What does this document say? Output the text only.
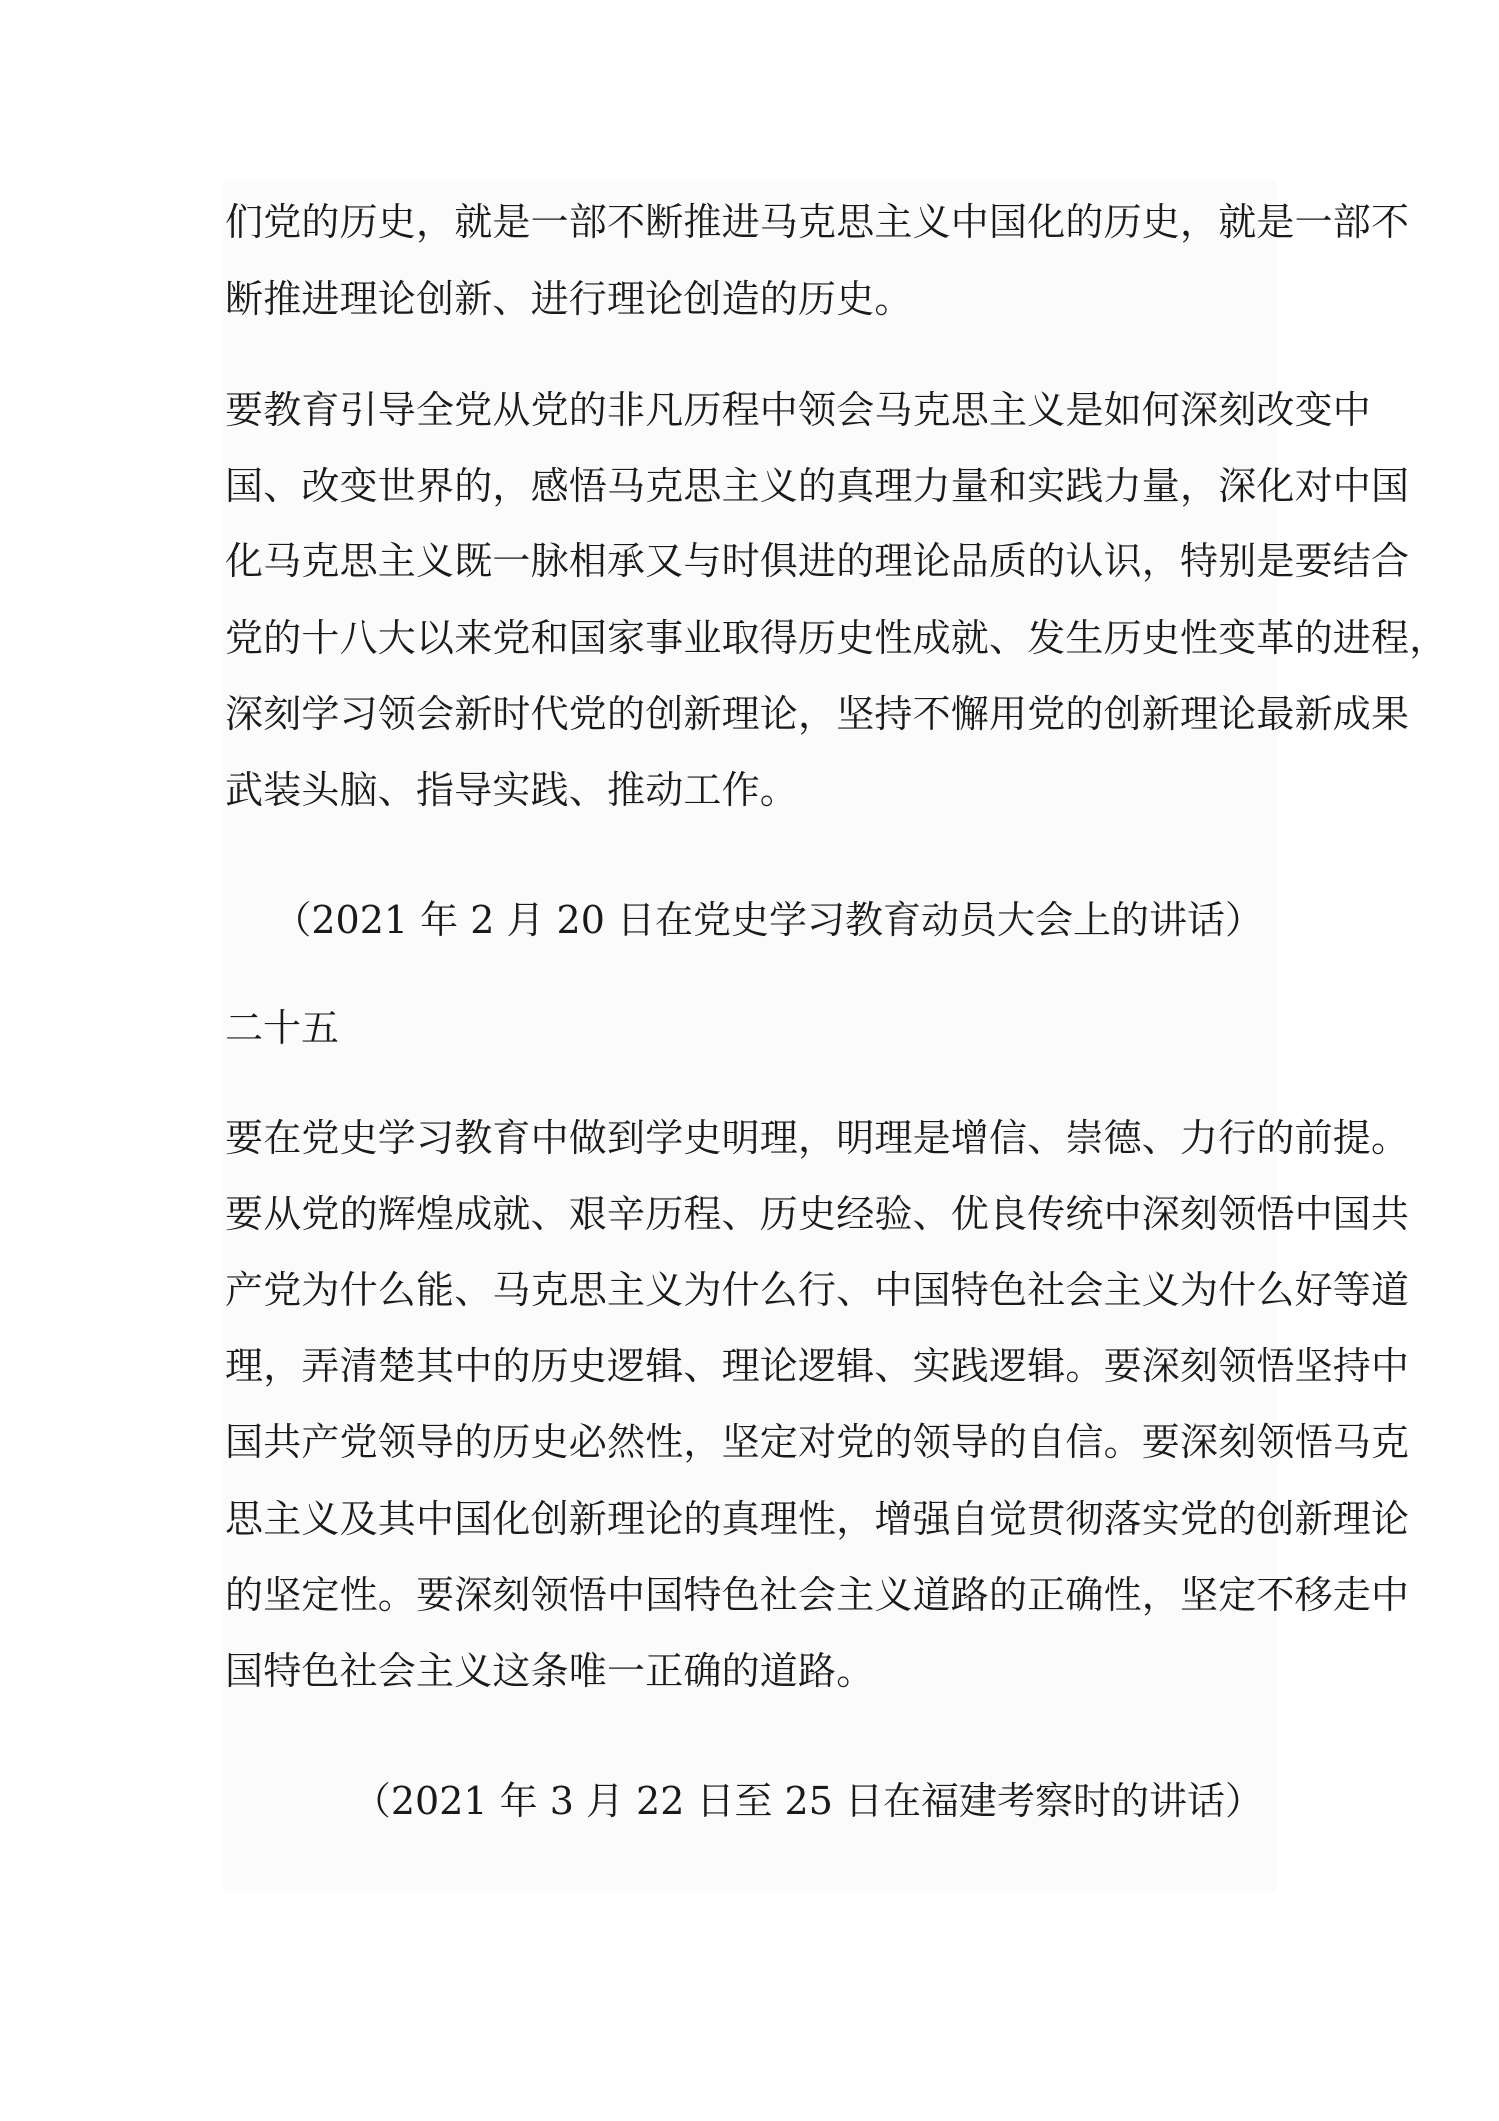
们党的历史，就是一部不断推进马克思主义中国化的历史，就是一部不
断推进理论创新、进行理论创造的历史。
要教育引导全党从党的非凡历程中领会马克思主义是如何深刻改变中
国、改变世界的，感悟马克思主义的真理力量和实践力量，深化对中国
化马克思主义既一脉相承又与时俱进的理论品质的认识，特别是要结合
党的十八大以来党和国家事业取得历史性成就、发生历史性变革的进程，
深刻学习领会新时代党的创新理论，坚持不懈用党的创新理论最新成果
武装头脑、指导实践、推动工作。
（2021 年 2 月 20 日在党史学习教育动员大会上的讲话）
二十五
要在党史学习教育中做到学史明理，明理是增信、崇德、力行的前提。
要从党的辉煌成就、艰辛历程、历史经验、优良传统中深刻领悟中国共
产党为什么能、马克思主义为什么行、中国特色社会主义为什么好等道
理，弄清楚其中的历史逻辑、理论逻辑、实践逻辑。要深刻领悟坚持中
国共产党领导的历史必然性，坚定对党的领导的自信。要深刻领悟马克
思主义及其中国化创新理论的真理性，增强自觉贯彻落实党的创新理论
的坚定性。要深刻领悟中国特色社会主义道路的正确性，坚定不移走中
国特色社会主义这条唯一正确的道路。
（2021 年 3 月 22 日至 25 日在福建考察时的讲话）
